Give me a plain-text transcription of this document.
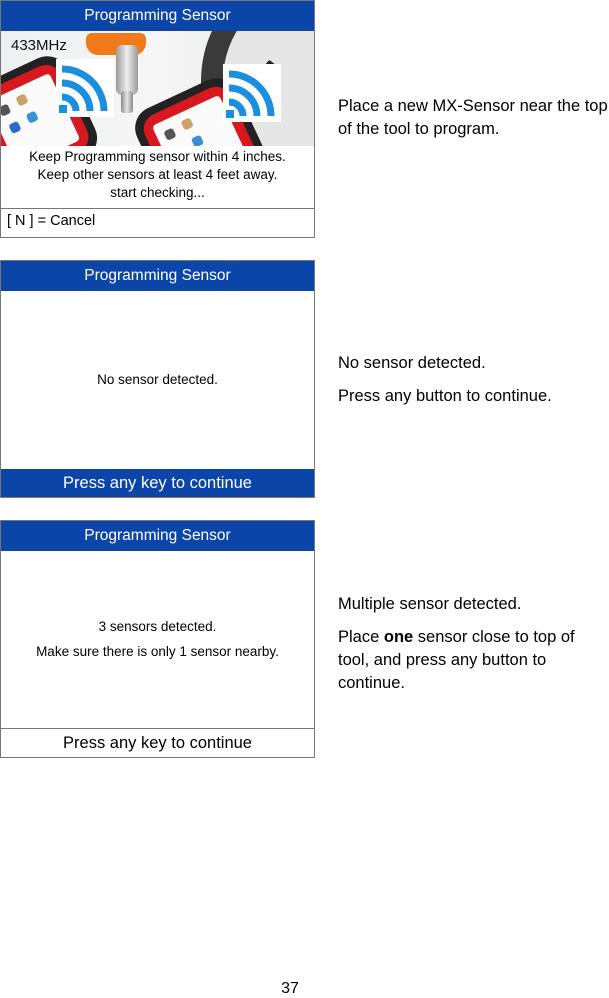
Programming Sensor
433MHz
Keep Programming sensor within 4 inches.
Keep other sensors at least 4 feet away.
start checking...
[ N ] = Cancel

Place a new MX-Sensor near the top of the tool to program.

Programming Sensor
No sensor detected.
Press any key to continue

No sensor detected.

Press any button to continue.

Programming Sensor
3 sensors detected.
Make sure there is only 1 sensor nearby.
Press any key to continue

Multiple sensor detected.

Place one sensor close to top of tool, and press any button to continue.

37
